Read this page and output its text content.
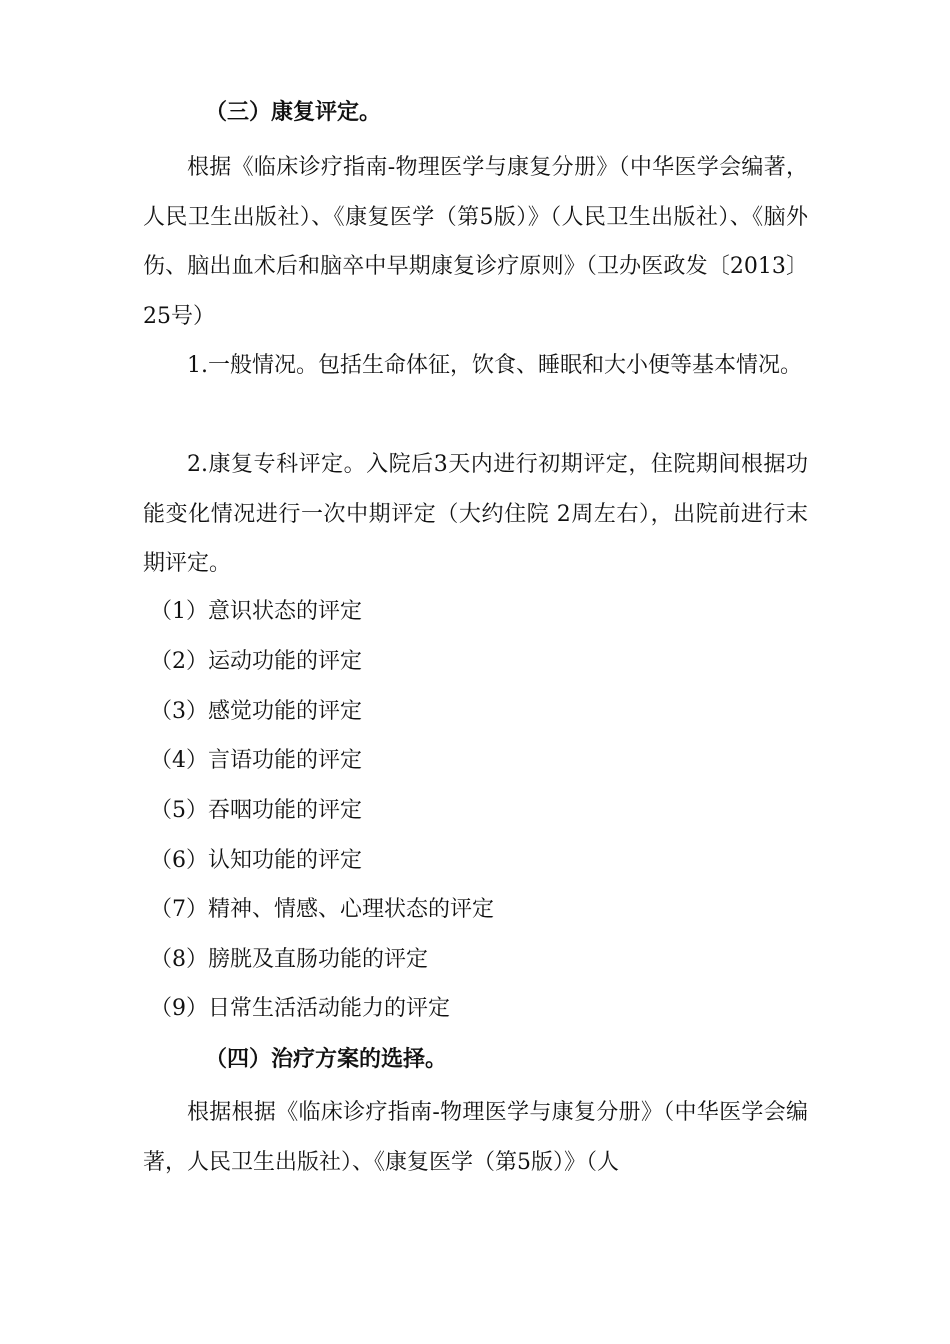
（三）康复评定。

根据《临床诊疗指南-物理医学与康复分册》（中华医学会编著，人民卫生出版社）、《康复医学（第5版）》（人民卫生出版社）、《脑外伤、脑出血术后和脑卒中早期康复诊疗原则》（卫办医政发〔2013〕25号）

1.一般情况。包括生命体征，饮食、睡眠和大小便等基本情况。

2.康复专科评定。入院后3天内进行初期评定，住院期间根据功能变化情况进行一次中期评定（大约住院 2周左右），出院前进行末期评定。

（1）意识状态的评定
（2）运动功能的评定
（3）感觉功能的评定
（4）言语功能的评定
（5）吞咽功能的评定
（6）认知功能的评定
（7）精神、情感、心理状态的评定
（8）膀胱及直肠功能的评定
（9）日常生活活动能力的评定
（四）治疗方案的选择。

根据根据《临床诊疗指南-物理医学与康复分册》（中华医学会编著，人民卫生出版社）、《康复医学（第5版）》（人
